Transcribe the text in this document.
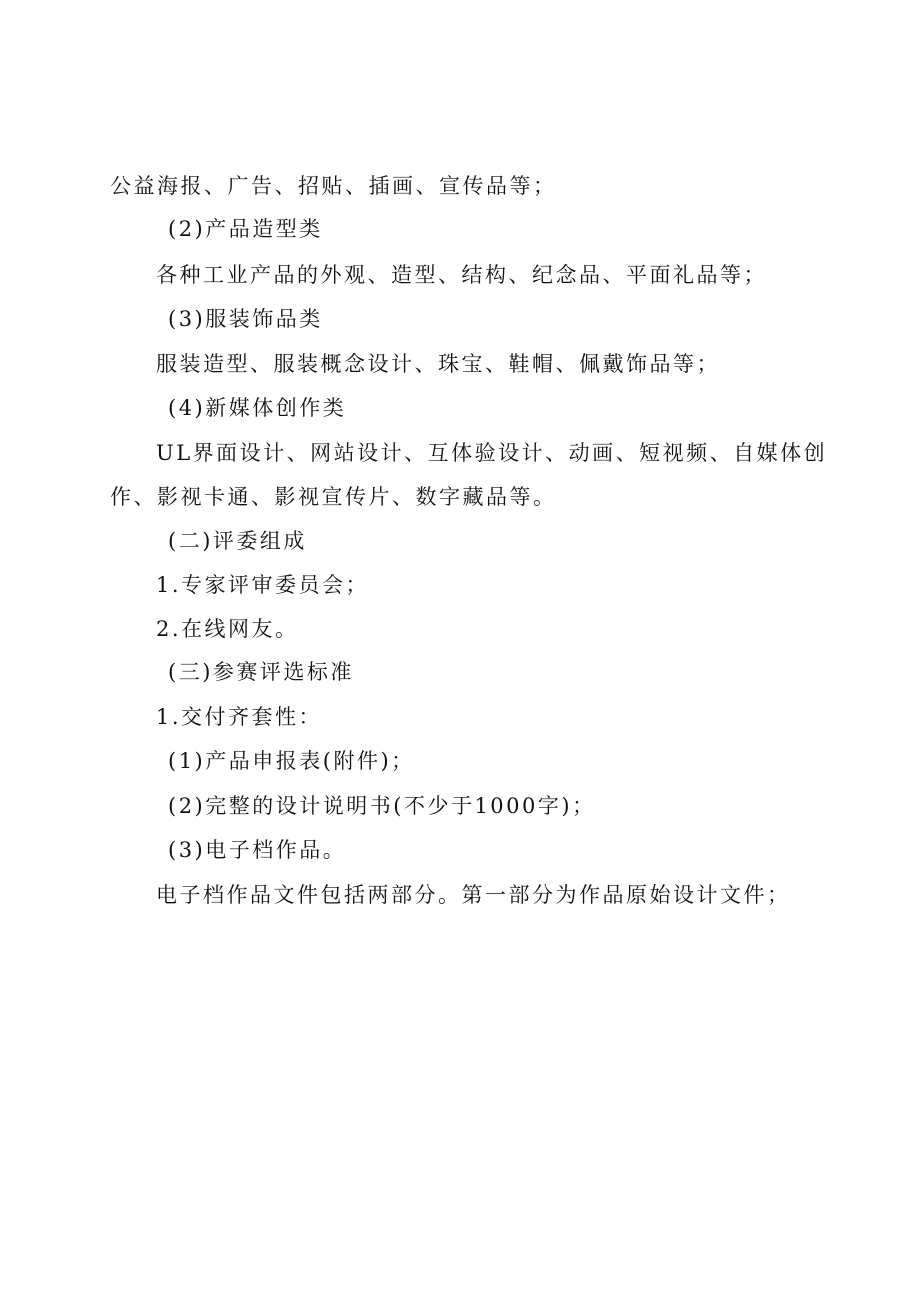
公益海报、广告、招贴、插画、宣传品等；
(2)产品造型类
各种工业产品的外观、造型、结构、纪念品、平面礼品等；
(3)服装饰品类
服装造型、服装概念设计、珠宝、鞋帽、佩戴饰品等；
(4)新媒体创作类
UL界面设计、网站设计、互体验设计、动画、短视频、自媒体创
作、影视卡通、影视宣传片、数字藏品等。
(二)评委组成
1.专家评审委员会；
2.在线网友。
(三)参赛评选标准
1.交付齐套性：
(1)产品申报表(附件)；
(2)完整的设计说明书(不少于1000字)；
(3)电子档作品。
电子档作品文件包括两部分。第一部分为作品原始设计文件；
